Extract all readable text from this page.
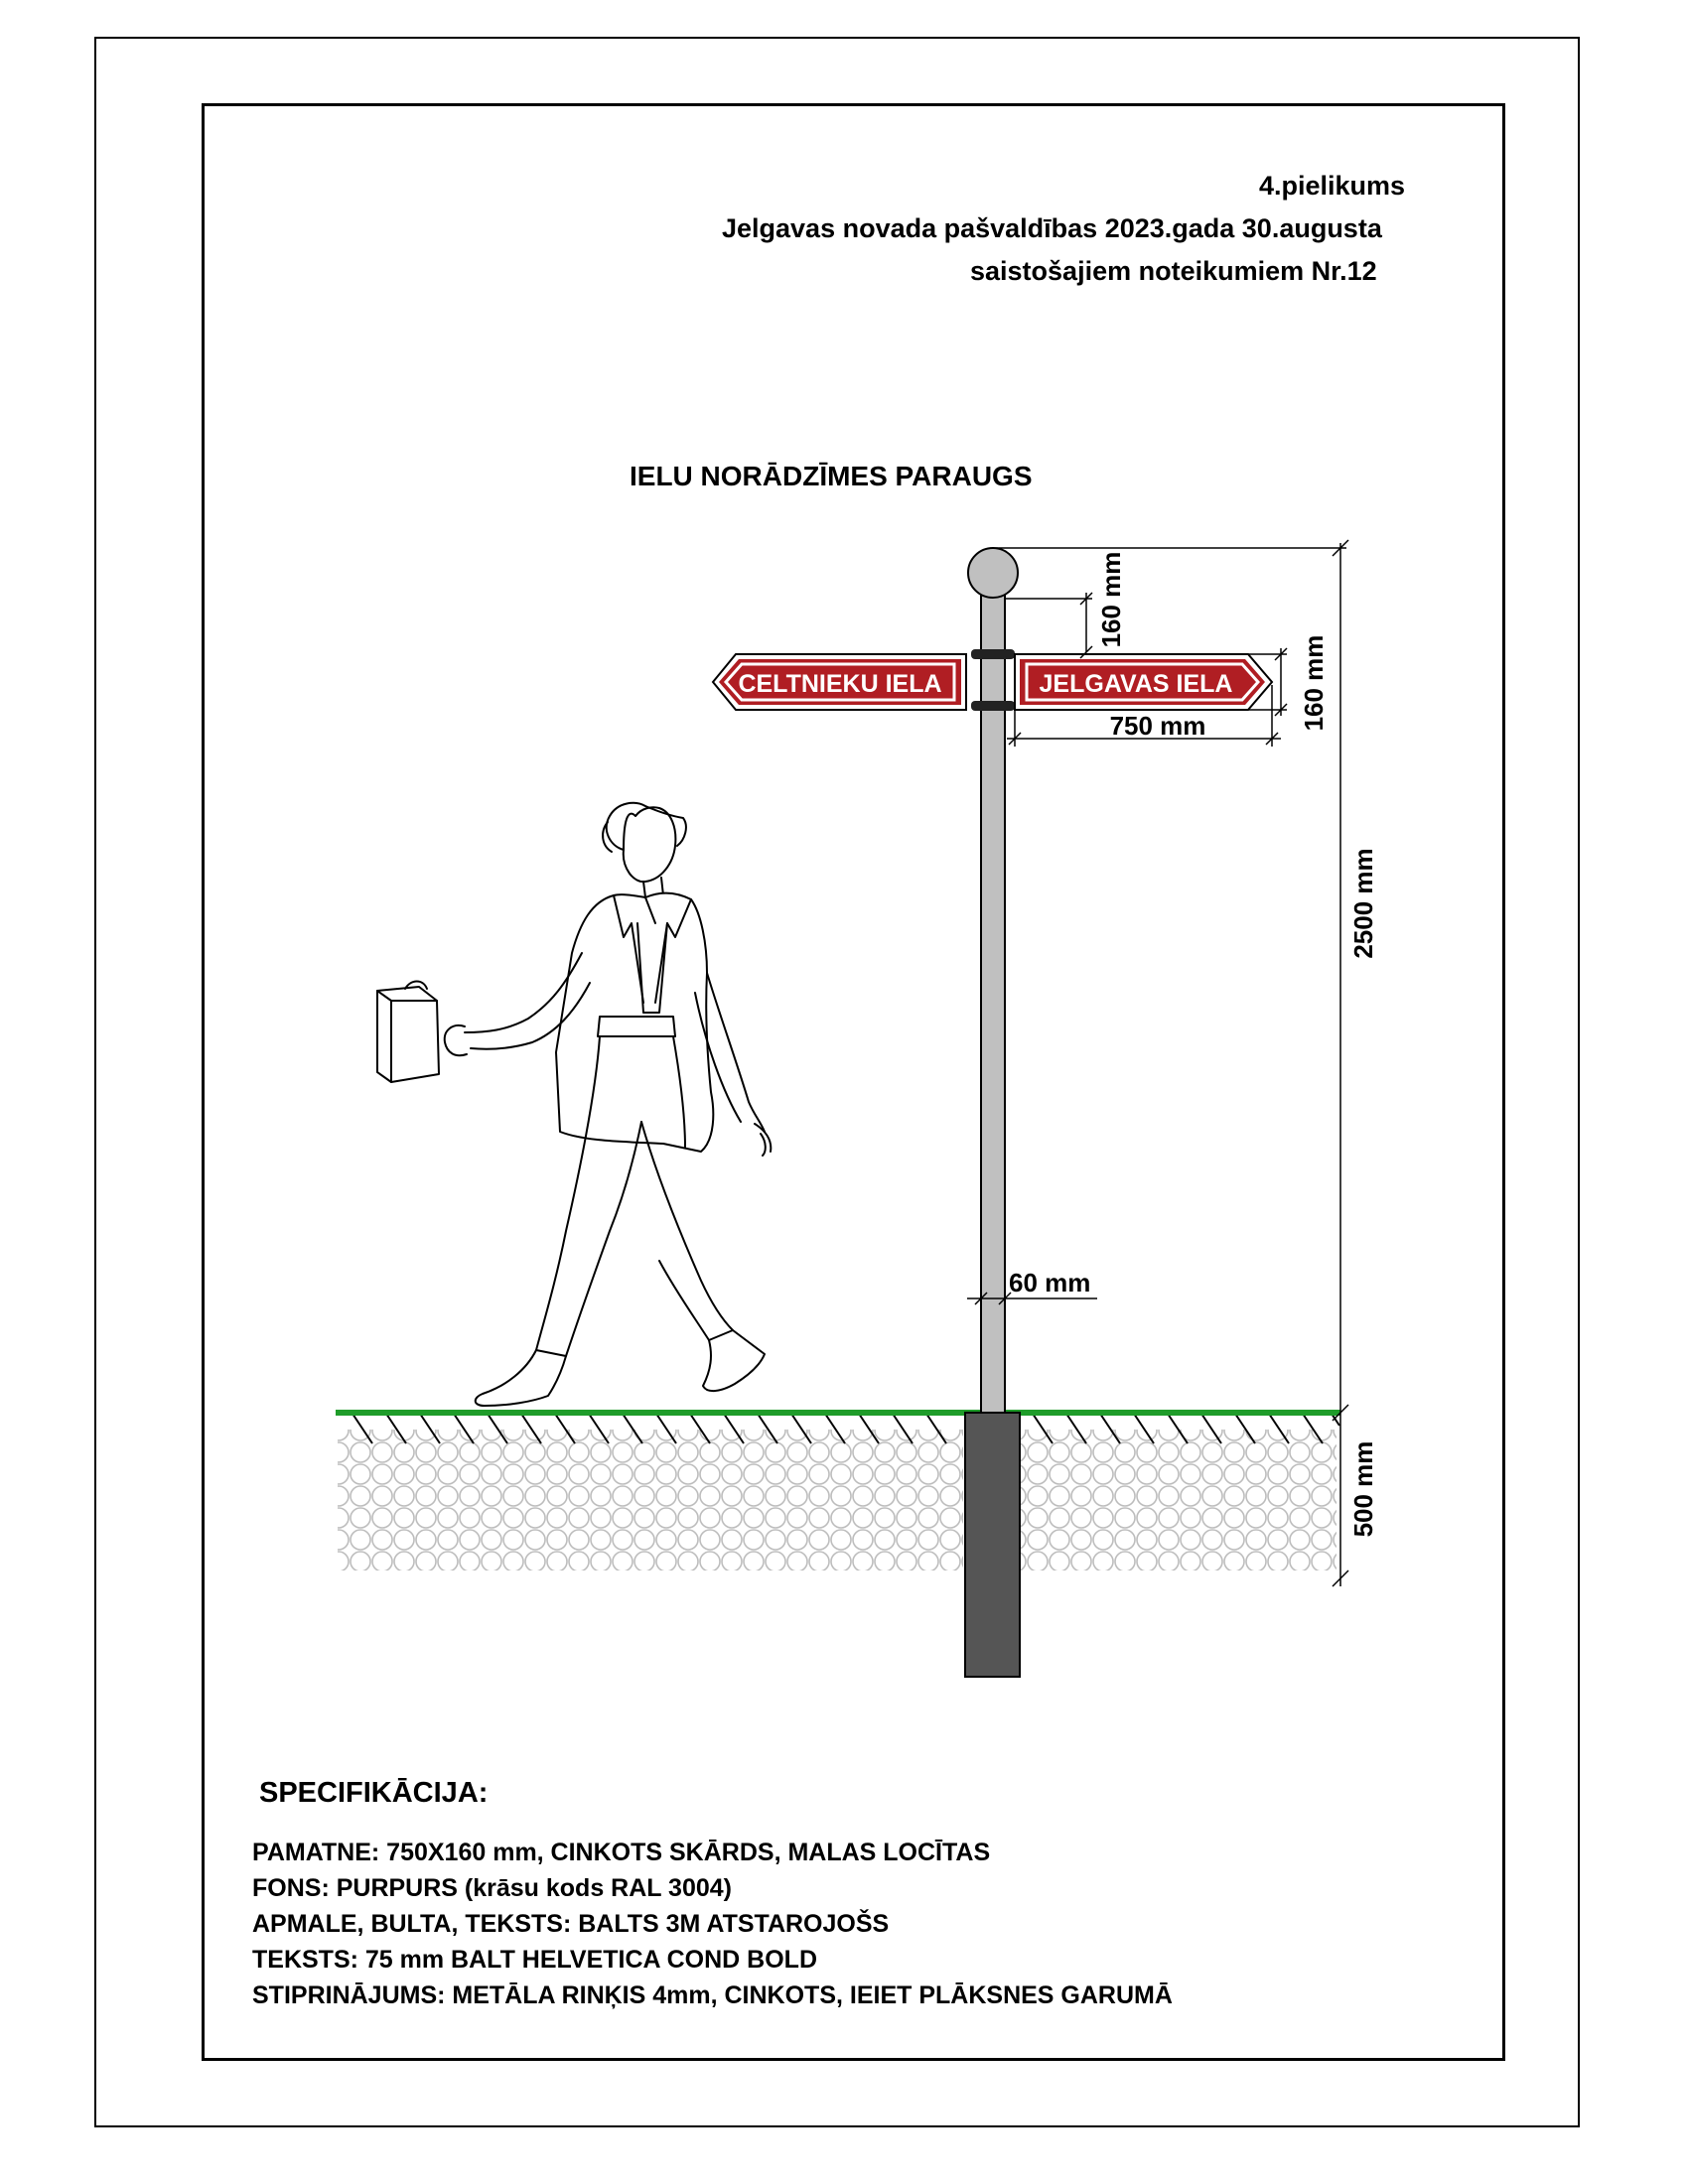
4.pielikums
Jelgavas novada pašvaldības 2023.gada 30.augusta
saistošajiem noteikumiem Nr.12
IELU NORĀDZĪMES PARAUGS
CELTNIEKU IELA	JELGAVAS IELA
160 mm
160 mm
750 mm
2500 mm
60 mm
500 mm
SPECIFIKĀCIJA:
PAMATNE: 750X160 mm, CINKOTS SKĀRDS, MALAS LOCĪTAS
FONS: PURPURS (krāsu kods RAL 3004)
APMALE, BULTA, TEKSTS: BALTS 3M ATSTAROJOŠS
TEKSTS: 75 mm BALT HELVETICA COND BOLD
STIPRINĀJUMS: METĀLA RINĶIS 4mm, CINKOTS, IEIET PLĀKSNES GARUMĀ
